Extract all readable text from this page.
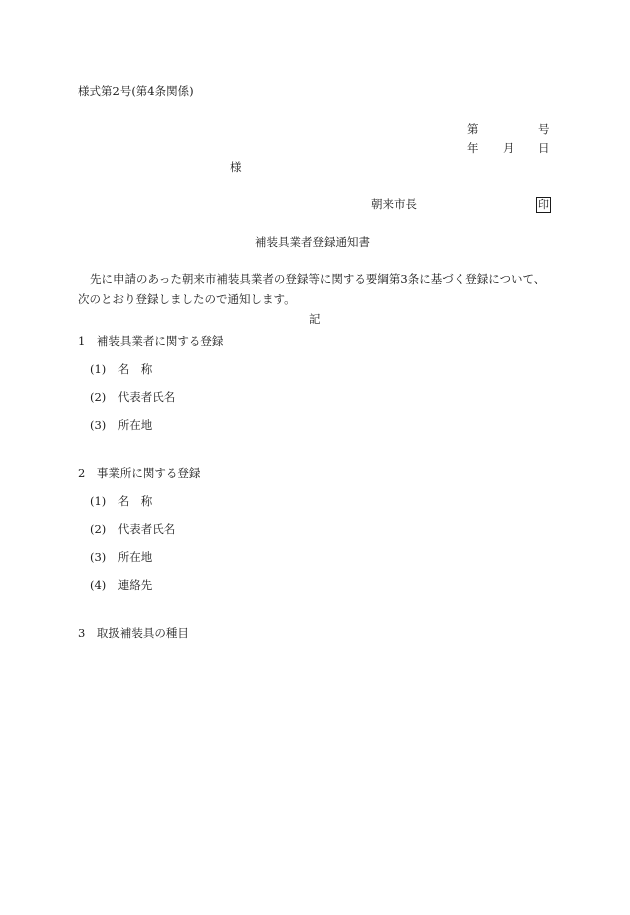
様式第2号(第4条関係)
第	号
年 月 日
様
朝来市長	印
補装具業者登録通知書
先に申請のあった朝来市補装具業者の登録等に関する要綱第3条に基づく登録について、
次のとおり登録しましたので通知します。
記
1　補装具業者に関する登録
(1)　名　称
(2)　代表者氏名
(3)　所在地
2　事業所に関する登録
(1)　名　称
(2)　代表者氏名
(3)　所在地
(4)　連絡先
3　取扱補装具の種目
